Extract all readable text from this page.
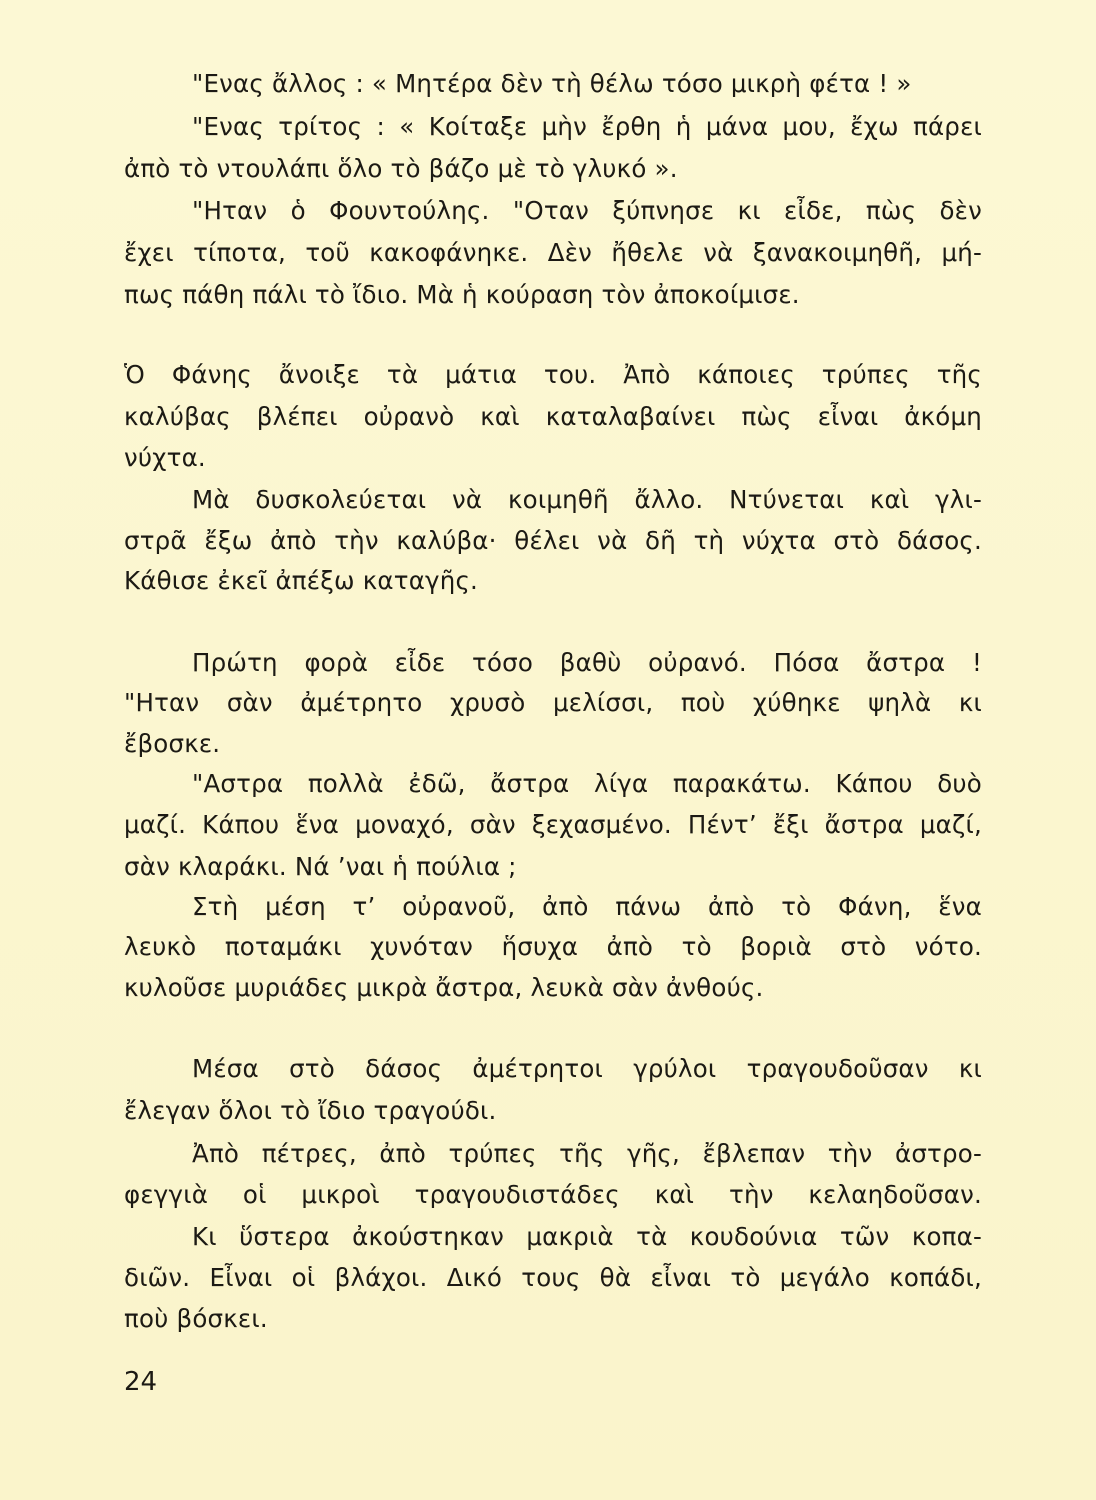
"Ενας ἄλλος : « Μητέρα δὲν τὴ θέλω τόσο μικρὴ φέτα ! »
"Ενας τρίτος : « Κοίταξε μὴν ἔρθη ἡ μάνα μου, ἔχω πάρει
ἀπὸ τὸ ντουλάπι ὅλο τὸ βάζο μὲ τὸ γλυκό ».
"Ηταν ὁ Φουντούλης. "Οταν ξύπνησε κι εἶδε, πὼς δὲν
ἔχει τίποτα, τοῦ κακοφάνηκε. Δὲν ἤθελε νὰ ξανακοιμηθῆ, μή-
πως πάθη πάλι τὸ ἴδιο. Μὰ ἡ κούραση τὸν ἀποκοίμισε.
Ὁ Φάνης ἄνοιξε τὰ μάτια του. Ἀπὸ κάποιες τρύπες τῆς
καλύβας βλέπει οὐρανὸ καὶ καταλαβαίνει πὼς εἶναι ἀκόμη
νύχτα.
Μὰ δυσκολεύεται νὰ κοιμηθῆ ἄλλο. Ντύνεται καὶ γλι-
στρᾶ ἔξω ἀπὸ τὴν καλύβα· θέλει νὰ δῆ τὴ νύχτα στὸ δάσος.
Κάθισε ἐκεῖ ἀπέξω καταγῆς.
Πρώτη φορὰ εἶδε τόσο βαθὺ οὐρανό. Πόσα ἄστρα !
"Ηταν σὰν ἀμέτρητο χρυσὸ μελίσσι, ποὺ χύθηκε ψηλὰ κι
ἔβοσκε.
"Αστρα πολλὰ ἐδῶ, ἄστρα λίγα παρακάτω. Κάπου δυὸ
μαζί. Κάπου ἕνα μοναχό, σὰν ξεχασμένο. Πέντ’ ἔξι ἄστρα μαζί,
σὰν κλαράκι. Νά ’ναι ἡ πούλια ;
Στὴ μέση τ’ οὐρανοῦ, ἀπὸ πάνω ἀπὸ τὸ Φάνη, ἕνα
λευκὸ ποταμάκι χυνόταν ἥσυχα ἀπὸ τὸ βοριὰ στὸ νότο.
κυλοῦσε μυριάδες μικρὰ ἄστρα, λευκὰ σὰν ἀνθούς.
Μέσα στὸ δάσος ἀμέτρητοι γρύλοι τραγουδοῦσαν κι
ἔλεγαν ὅλοι τὸ ἴδιο τραγούδι.
Ἀπὸ πέτρες, ἀπὸ τρύπες τῆς γῆς, ἔβλεπαν τὴν ἀστρο-
φεγγιὰ οἱ μικροὶ τραγουδιστάδες καὶ τὴν κελαηδοῦσαν.
Κι ὕστερα ἀκούστηκαν μακριὰ τὰ κουδούνια τῶν κοπα-
διῶν. Εἶναι οἱ βλάχοι. Δικό τους θὰ εἶναι τὸ μεγάλο κοπάδι,
ποὺ βόσκει.
24
